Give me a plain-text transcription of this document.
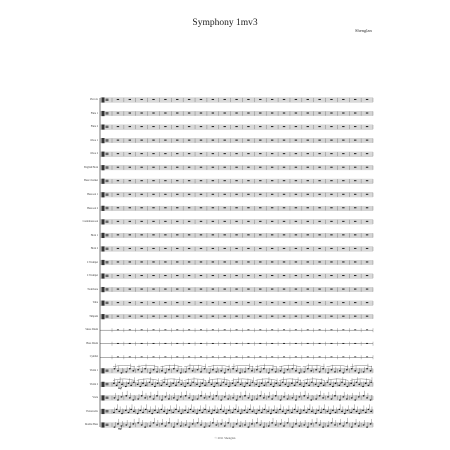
Symphony 1mv3
Shenglan
Piccolo
Flute 1
Flute 2
Oboe 1
Oboe 2
English Horn
Bass Clarinet
Bassoon 1
Bassoon 2
Contrabassoon
Horn 1
Horn 2
C Trumpet
C Trumpet
Trombone
Tuba
Timpani
Snare Drum
Bass Drum
Cymbal
Violin 1
Violin 2
Viola
Violoncello
Double Bass
mf
mf
© 2011 Shenglan
